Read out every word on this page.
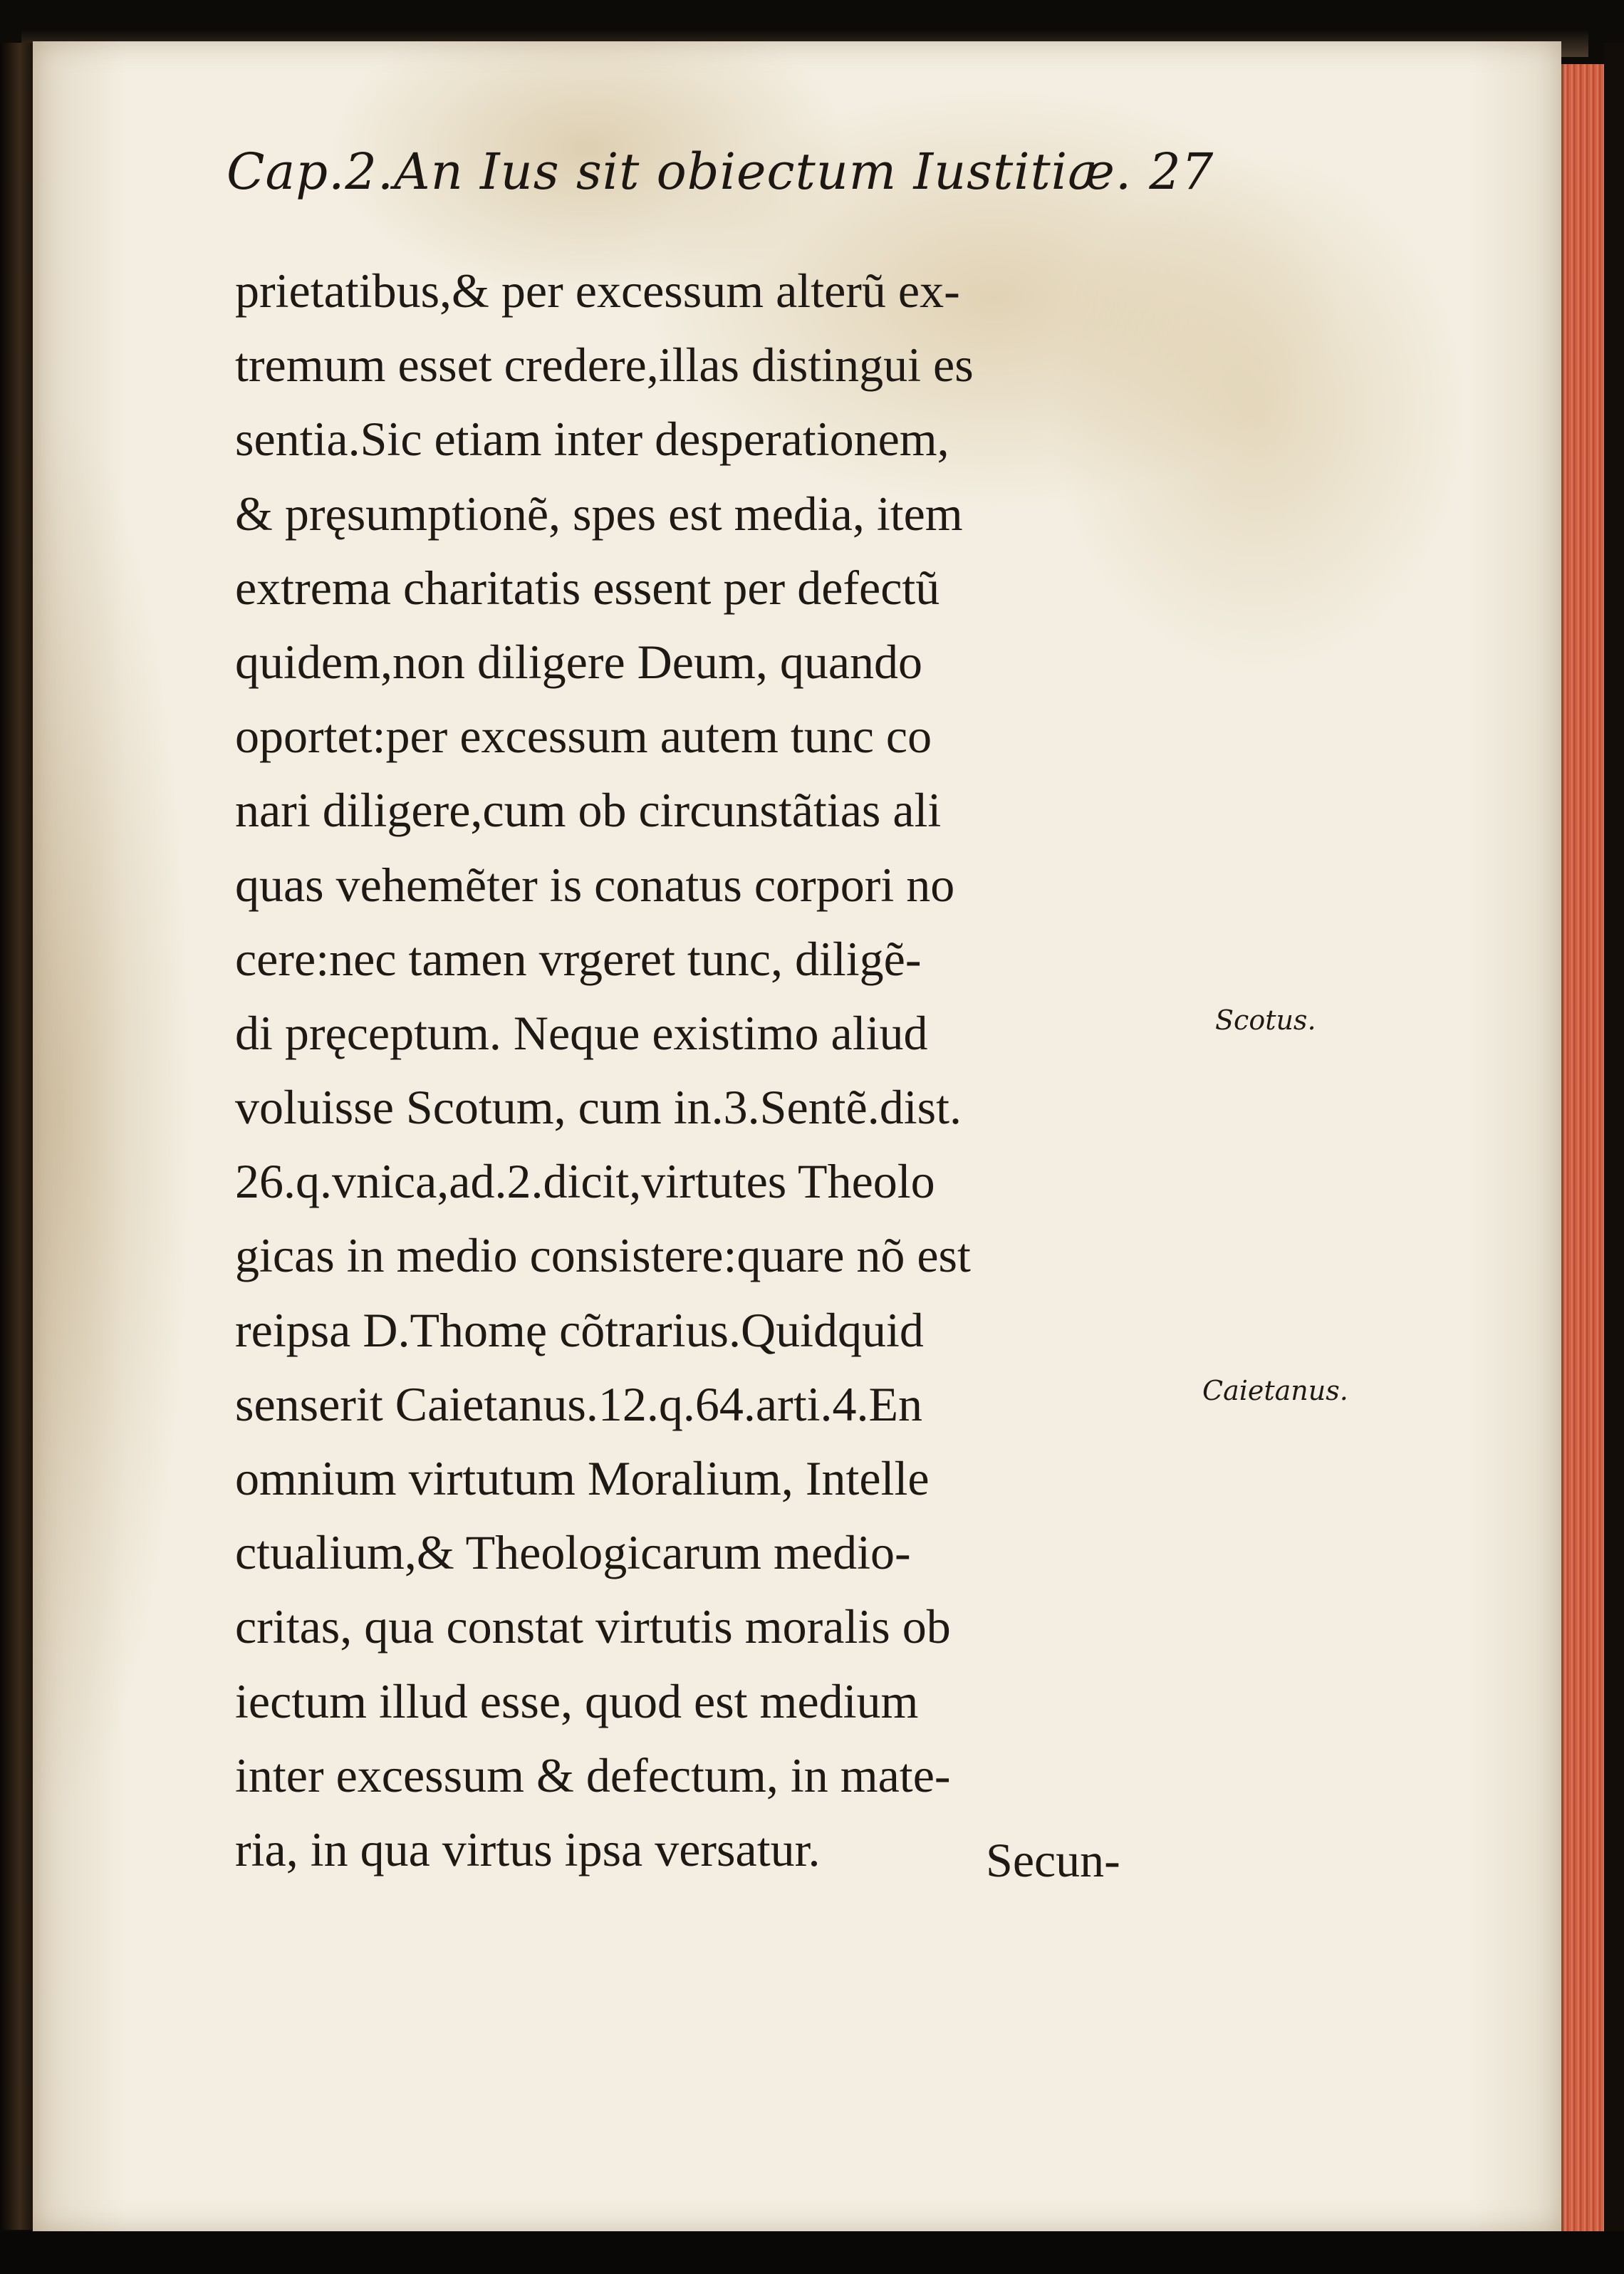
Cap.2.An Ius sit obiectum Iustitiæ. 27
prietatibus,& per excessum alterũ ex-
tremum esset credere,illas distingui es
sentia.Sic etiam inter desperationem,
& pręsumptionẽ, spes est media, item
extrema charitatis essent per defectũ
quidem,non diligere Deum, quando
oportet:per excessum autem tunc co
nari diligere,cum ob circunstãtias ali
quas vehemẽter is conatus corpori no
cere:nec tamen vrgeret tunc, diligẽ-
di pręceptum. Neque existimo aliud
voluisse Scotum, cum in.3.Sentẽ.dist.
26.q.vnica,ad.2.dicit,virtutes Theolo
gicas in medio consistere:quare nõ est
reipsa D.Thomę cõtrarius.Quidquid
senserit Caietanus.12.q.64.arti.4.En
omnium virtutum Moralium, Intelle
ctualium,& Theologicarum medio-
critas, qua constat virtutis moralis ob
iectum illud esse, quod est medium
inter excessum & defectum, in mate-
ria, in qua virtus ipsa versatur.	Secun-
Scotus.
Caietanus.
